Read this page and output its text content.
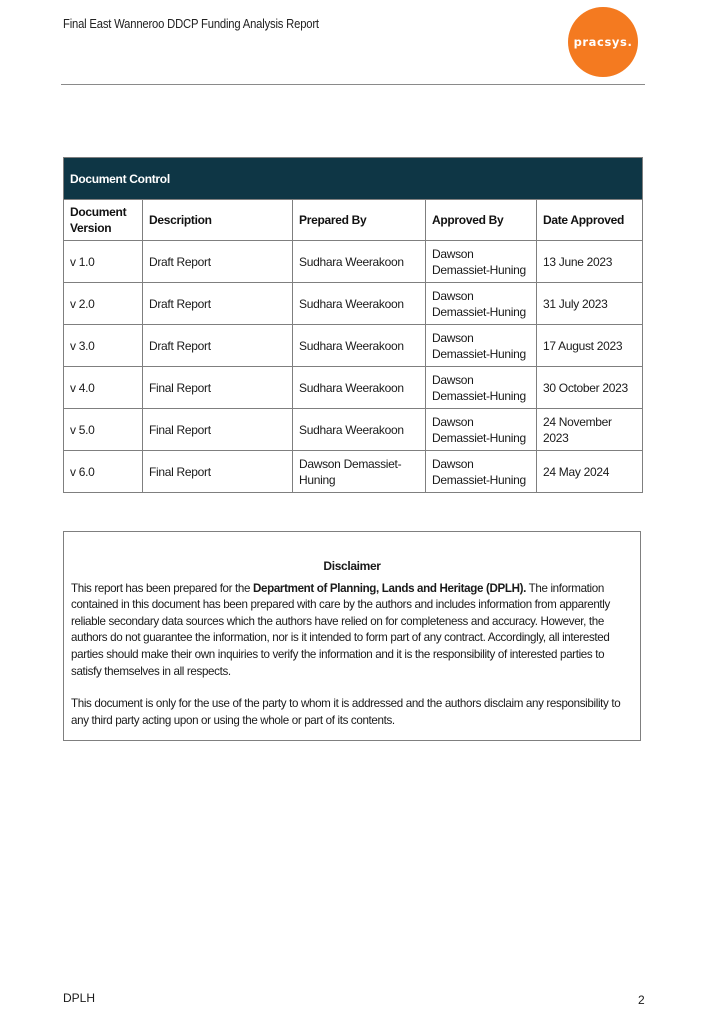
Final East Wanneroo DDCP Funding Analysis Report
pracsys.
Document Control				
Document Version	Description	Prepared By	Approved By	Date Approved
v 1.0	Draft Report	Sudhara Weerakoon	Dawson Demassiet-Huning	13 June 2023
v 2.0	Draft Report	Sudhara Weerakoon	Dawson Demassiet-Huning	31 July 2023
v 3.0	Draft Report	Sudhara Weerakoon	Dawson Demassiet-Huning	17 August 2023
v 4.0	Final Report	Sudhara Weerakoon	Dawson Demassiet-Huning	30 October 2023
v 5.0	Final Report	Sudhara Weerakoon	Dawson Demassiet-Huning	24 November 2023
v 6.0	Final Report	Dawson Demassiet-Huning	Dawson Demassiet-Huning	24 May 2024
Disclaimer

This report has been prepared for the Department of Planning, Lands and Heritage (DPLH). The information contained in this document has been prepared with care by the authors and includes information from apparently reliable secondary data sources which the authors have relied on for completeness and accuracy. However, the authors do not guarantee the information, nor is it intended to form part of any contract. Accordingly, all interested parties should make their own inquiries to verify the information and it is the responsibility of interested parties to satisfy themselves in all respects.

This document is only for the use of the party to whom it is addressed and the authors disclaim any responsibility to any third party acting upon or using the whole or part of its contents.

DPLH	2
